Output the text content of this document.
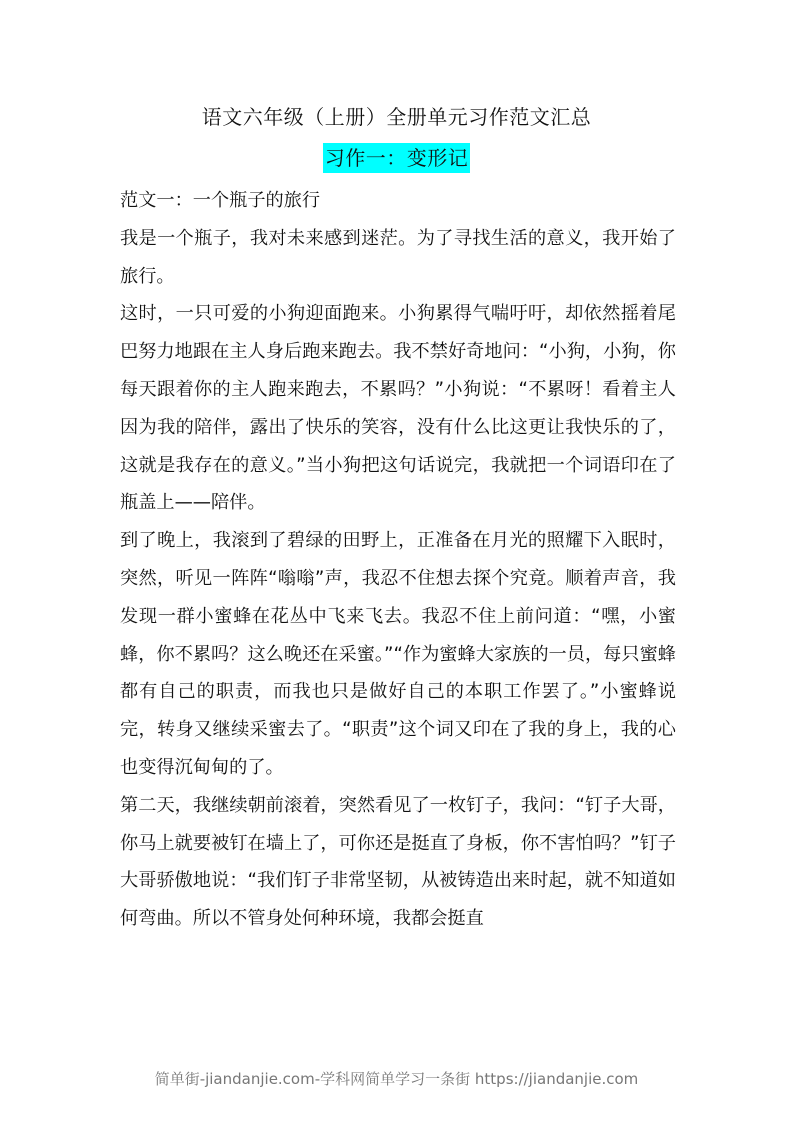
语文六年级（上册）全册单元习作范文汇总
习作一：变形记

范文一：一个瓶子的旅行

我是一个瓶子，我对未来感到迷茫。为了寻找生活的意义，我开始了旅行。

这时，一只可爱的小狗迎面跑来。小狗累得气喘吁吁，却依然摇着尾巴努力地跟在主人身后跑来跑去。我不禁好奇地问：“小狗，小狗，你每天跟着你的主人跑来跑去，不累吗？”小狗说：“不累呀！看着主人因为我的陪伴，露出了快乐的笑容，没有什么比这更让我快乐的了，这就是我存在的意义。”当小狗把这句话说完，我就把一个词语印在了瓶盖上——陪伴。

到了晚上，我滚到了碧绿的田野上，正准备在月光的照耀下入眠时，突然，听见一阵阵“嗡嗡”声，我忍不住想去探个究竟。顺着声音，我发现一群小蜜蜂在花丛中飞来飞去。我忍不住上前问道：“嘿，小蜜蜂，你不累吗？这么晚还在采蜜。”“作为蜜蜂大家族的一员，每只蜜蜂都有自己的职责，而我也只是做好自己的本职工作罢了。”小蜜蜂说完，转身又继续采蜜去了。“职责”这个词又印在了我的身上，我的心也变得沉甸甸的了。

第二天，我继续朝前滚着，突然看见了一枚钉子，我问：“钉子大哥，你马上就要被钉在墙上了，可你还是挺直了身板，你不害怕吗？”钉子大哥骄傲地说：“我们钉子非常坚韧，从被铸造出来时起，就不知道如何弯曲。所以不管身处何种环境，我都会挺直

简单街-jiandanjie.com-学科网简单学习一条街 https://jiandanjie.com
